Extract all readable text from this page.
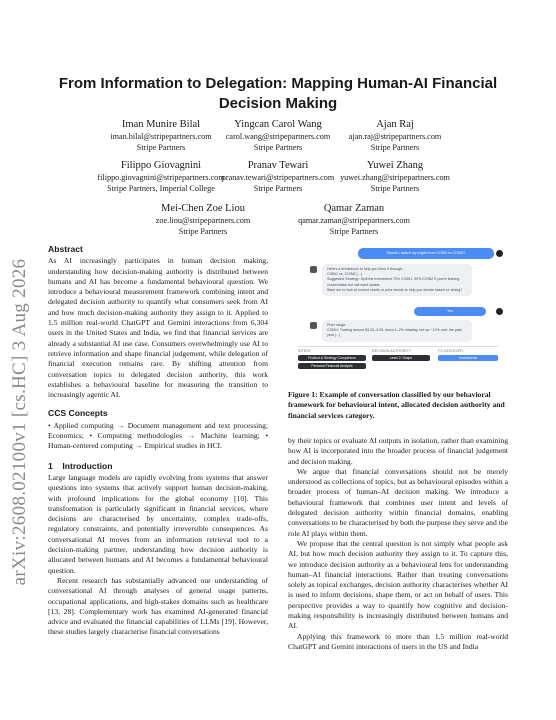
arXiv:2608.02100v1 [cs.HC] 3 Aug 2026
From Information to Delegation: Mapping Human-AI Financial Decision Making
Iman Munire Bilal
iman.bilal@stripepartners.com
Stripe Partners
Yingcan Carol Wang
carol.wang@stripepartners.com
Stripe Partners
Ajan Raj
ajan.raj@stripepartners.com
Stripe Partners
Filippo Giovagnini
filippo.giovagnini@stripepartners.com
Stripe Partners, Imperial College
Pranav Tewari
pranav.tewari@stripepartners.com
Stripe Partners
Yuwei Zhang
yuwei.zhang@stripepartners.com
Stripe Partners
Mei-Chen Zoe Liou
zoe.liou@stripepartners.com
Stripe Partners
Qamar Zaman
qamar.zaman@stripepartners.com
Stripe Partners
Abstract

As AI increasingly participates in human decision making, understanding how decision-making authority is distributed between humans and AI has become a fundamental behavioural question. We introduce a behavioural measurement framework combining intent and delegated decision authority to quantify what consumers seek from AI and how much decision-making authority they assign to it. Applied to 1.5 million real-world ChatGPT and Gemini interactions from 6,304 users in the United States and India, we find that financial services are already a substantial AI use case. Consumers overwhelmingly use AI to retrieve information and shape financial judgement, while delegation of financial execution remains rare. By shifting attention from conversation topics to delegated decision authority, this work establishes a behavioural baseline for measuring the transition to increasingly agentic AI.

CCS Concepts

• Applied computing → Document management and text processing; Economics; • Computing methodologies → Machine learning; • Human-centered computing → Empirical studies in HCI.

1    Introduction

Large language models are rapidly evolving from systems that answer questions into systems that actively support human decision-making, with profound implications for the global economy [10]. This transformation is particularly significant in financial services, where decisions are characterised by uncertainty, complex trade-offs, regulatory constraints, and potentially irreversible consequences. As conversational AI moves from an information retrieval tool to a decision-making partner, understanding how decision authority is allocated between humans and AI becomes a fundamental behavioural question.

Recent research has substantially advanced our understanding of conversational AI through analyses of general usage patterns, occupational applications, and high-stakes domains such as healthcare [13, 28]. Complementary work has examined AI-generated financial advice and evaluated the financial capabilities of LLMs [19]. However, these studies largely characterise financial conversations

Should I switch my crypto from COIN1 to COIN2?
Here's a breakdown to help you think it through:
COIN1 vs. COIN2 (...)
Suggested Strategy: Split the investment 70% COIN1, 30% COIN2 if you're leaning conservative but still want upside.
Want me to look at current charts or price trends to help you decide based on timing?
Yes
Price range
COIN1: Trading around $4.03–4.05, down 1–2% intraday, but up ~12% over the past year (...)
INTENT	DECISION AUTHORITY	FS CATEGORY
Product & Strategy Comparison
Personal Financial Analysis
Level 2: Shape	Investments
Figure 1: Example of conversation classified by our behavioral framework for behavioural intent, allocated decision authority and financial services category.

by their topics or evaluate AI outputs in isolation, rather than examining how AI is incorporated into the broader process of financial judgement and decision making.

We argue that financial conversations should not be merely understood as collections of topics, but as behavioural episodes within a broader process of human–AI decision making. We introduce a behavioural framework that combines user intent and levels of delegated decision authority within financial domains, enabling conversations to be characterised by both the purpose they serve and the role AI plays within them.

We propose that the central question is not simply what people ask AI, but how much decision authority they assign to it. To capture this, we introduce decision authority as a behavioural lens for understanding human–AI financial interactions. Rather than treating conversations solely as topical exchanges, decision authority characterises whether AI is used to inform decisions, shape them, or act on behalf of users. This perspective provides a way to quantify how cognitive and decision-making responsibility is increasingly distributed between humans and AI.

Applying this framework to more than 1.5 million real-world ChatGPT and Gemini interactions of users in the US and India
